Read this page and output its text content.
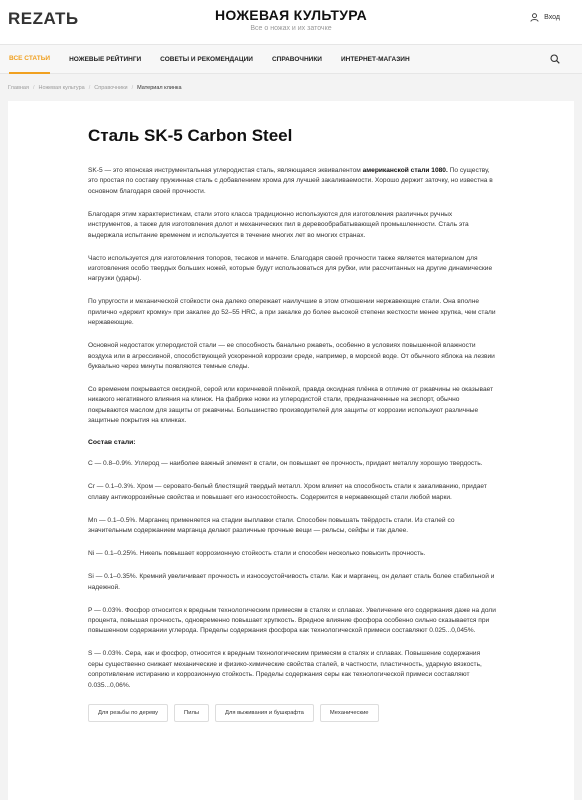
REZATЬ	НОЖЕВАЯ КУЛЬТУРА
Все о ножах и их заточке
Вход
ВСЕ СТАТЬИ	НОЖЕВЫЕ РЕЙТИНГИ	СОВЕТЫ И РЕКОМЕНДАЦИИ	СПРАВОЧНИКИ	ИНТЕРНЕТ-МАГАЗИН
Главная / Ножевая культура / Справочники / Материал клинка
Сталь SK-5 Carbon Steel

SK-5 — это японская инструментальная углеродистая сталь, являющаяся эквивалентом американской стали 1080. По существу, это простая по составу пружинная сталь с добавлением хрома для лучшей закаливаемости. Хорошо держит заточку, но известна в основном благодаря своей прочности.

Благодаря этим характеристикам, стали этого класса традиционно используются для изготовления различных ручных инструментов, а также для изготовления долот и механических пил в деревообрабатывающей промышленности. Сталь эта выдержала испытание временем и используется в течение многих лет во многих странах.

Часто используется для изготовления топоров, тесаков и мачете. Благодаря своей прочности также является материалом для изготовления особо твердых больших ножей, которые будут использоваться для рубки, или рассчитанных на другие динамические нагрузки (удары).

По упругости и механической стойкости она далеко опережает наилучшие в этом отношении нержавеющие стали. Она вполне прилично «держит кромку» при закалке до 52–55 HRC, а при закалке до более высокой степени жесткости менее хрупка, чем стали нержавеющие.

Основной недостаток углеродистой стали — ее способность банально ржаветь, особенно в условиях повышенной влажности воздуха или в агрессивной, способствующей ускоренной коррозии среде, например, в морской воде. От обычного яблока на лезвии буквально через минуты появляются темные следы.

Со временем покрывается оксидной, серой или коричневой плёнкой, правда оксидная плёнка в отличие от ржавчины не оказывает никакого негативного влияния на клинок. На фабрике ножи из углеродистой стали, предназначенные на экспорт, обычно покрываются маслом для защиты от ржавчины. Большинство производителей для защиты от коррозии используют различные защитные покрытия на клинках.

Состав стали:

С — 0.8–0.9%. Углерод — наиболее важный элемент в стали, он повышает ее прочность, придает металлу хорошую твердость.

Cr — 0.1–0.3%. Хром — серовато-белый блестящий твердый металл. Хром влияет на способность стали к закаливанию, придает сплаву антикоррозийные свойства и повышает его износостойкость. Содержится в нержавеющей стали любой марки.

Mn — 0.1–0.5%. Марганец применяется на стадии выплавки стали. Способен повышать твёрдость стали. Из сталей со значительным содержанием марганца делают различные прочные вещи — рельсы, сейфы и так далее.

Ni — 0.1–0.25%. Никель повышает коррозионную стойкость стали и способен несколько повысить прочность.

Si — 0.1–0.35%. Кремний увеличивает прочность и износоустойчивость стали. Как и марганец, он делает сталь более стабильной и надежной.

P — 0.03%. Фосфор относится к вредным технологическим примесям в сталях и сплавах. Увеличение его содержания даже на доли процента, повышая прочность, одновременно повышает хрупкость. Вредное влияние фосфора особенно сильно сказывается при повышенном содержании углерода. Пределы содержания фосфора как технологической примеси составляют 0.025...0,045%.

S — 0.03%. Сера, как и фосфор, относится к вредным технологическим примесям в сталях и сплавах. Повышение содержания серы существенно снижает механические и физико-химические свойства сталей, в частности, пластичность, ударную вязкость, сопротивление истиранию и коррозионную стойкость. Пределы содержания серы как технологической примеси составляют 0.035...0,06%.

Для резьбы по дереву	Пилы	Для выживания и бушкрафта	Механические
